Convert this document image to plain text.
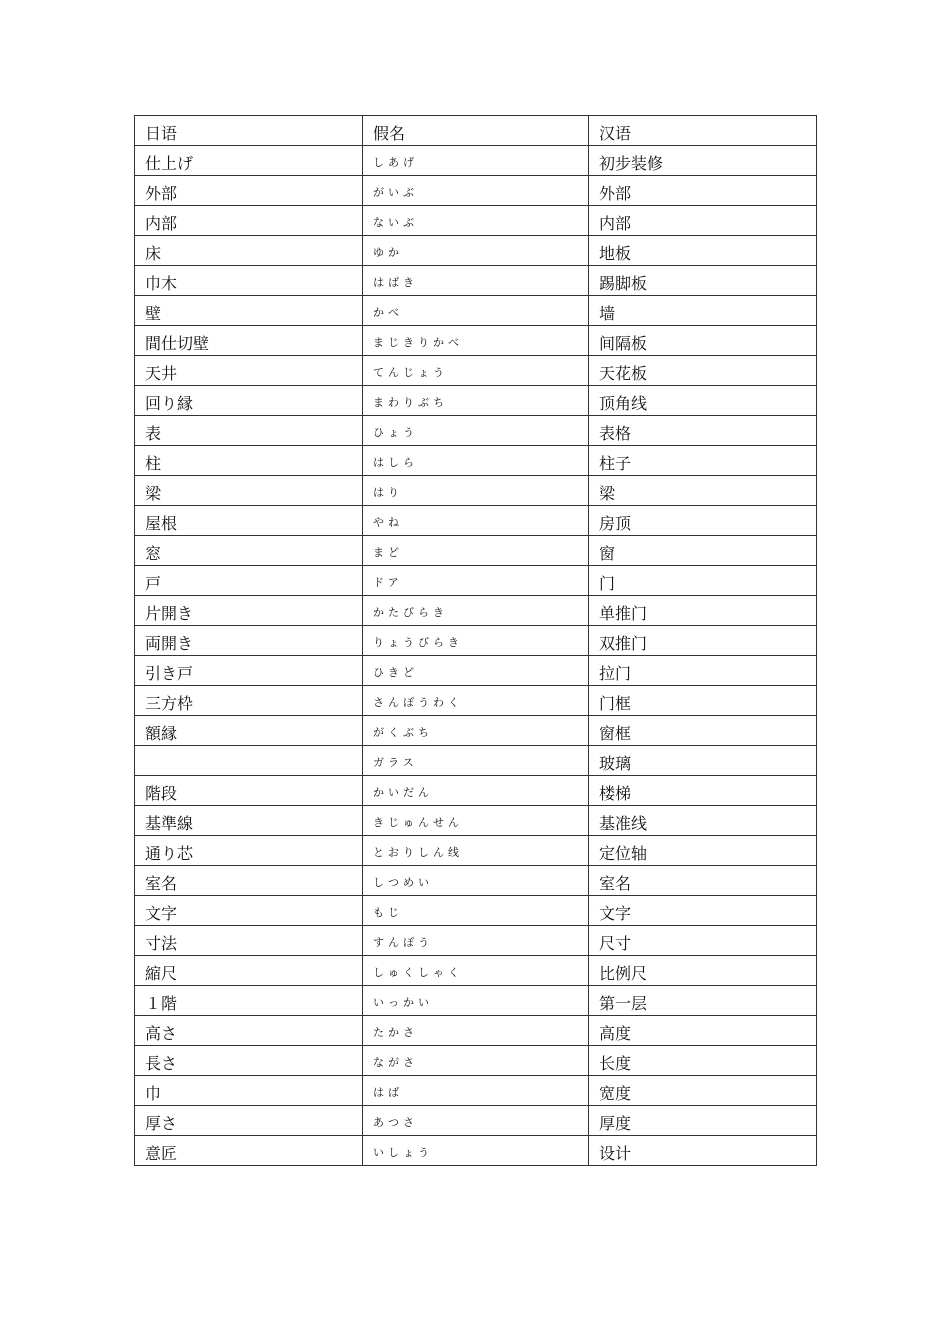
日语	假名	汉语
仕上げ	しあげ	初步装修
外部	がいぶ	外部
内部	ないぶ	内部
床	ゆか	地板
巾木	はばき	踢脚板
壁	かべ	墙
間仕切壁	まじきりかべ	间隔板
天井	てんじょう	天花板
回り縁	まわりぶち	顶角线
表	ひょう	表格
柱	はしら	柱子
梁	はり	梁
屋根	やね	房顶
窓	まど	窗
戸	ドア	门
片開き	かたびらき	单推门
両開き	りょうびらき	双推门
引き戸	ひきど	拉门
三方枠	さんぽうわく	门框
額縁	がくぶち	窗框
	ガラス	玻璃
階段	かいだん	楼梯
基準線	きじゅんせん	基准线
通り芯	とおりしん线	定位轴
室名	しつめい	室名
文字	もじ	文字
寸法	すんぽう	尺寸
縮尺	しゅくしゃく	比例尺
１階	いっかい	第一层
高さ	たかさ	高度
長さ	ながさ	长度
巾	はば	宽度
厚さ	あつさ	厚度
意匠	いしょう	设计
